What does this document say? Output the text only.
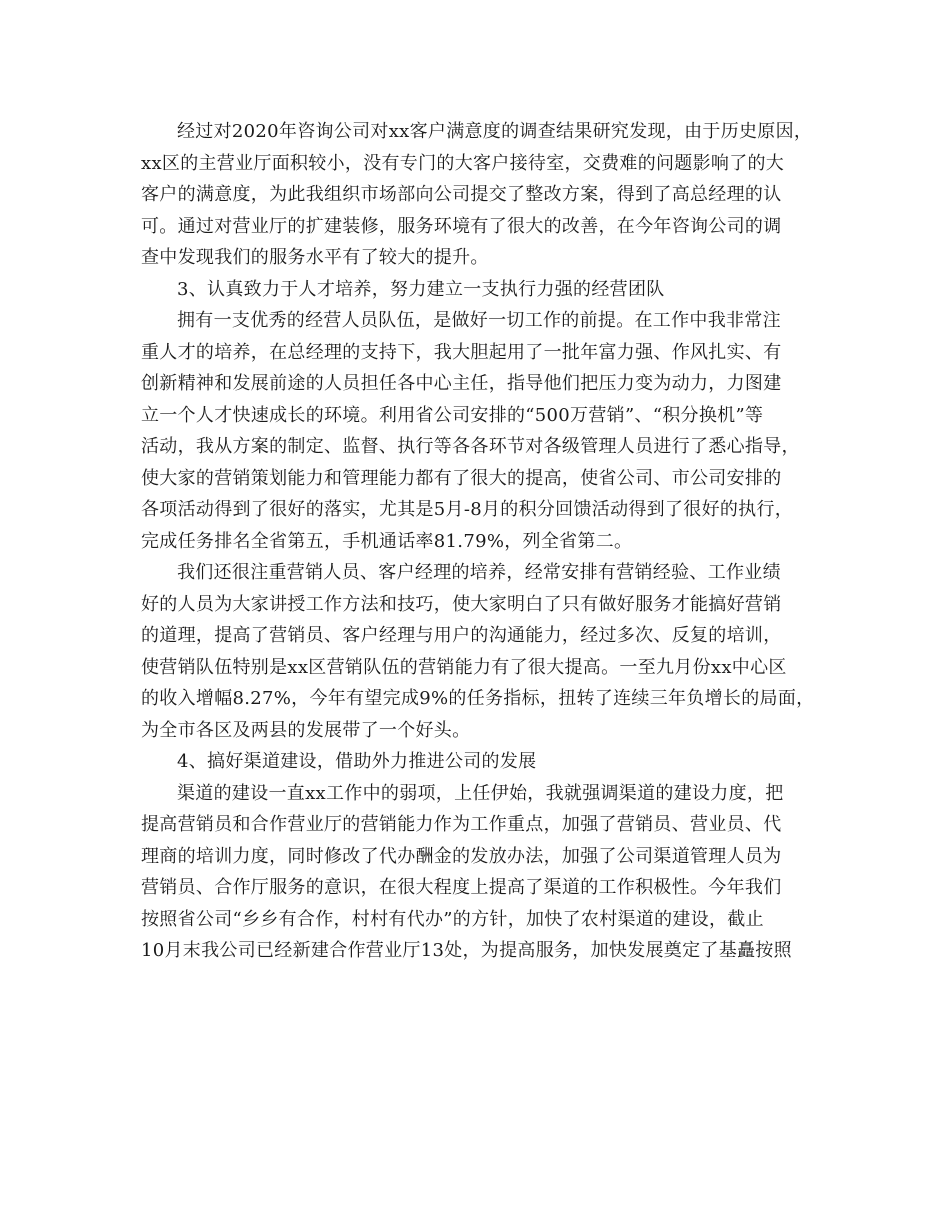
经过对2020年咨询公司对xx客户满意度的调查结果研究发现，由于历史原因，
xx区的主营业厅面积较小，没有专门的大客户接待室，交费难的问题影响了的大
客户的满意度，为此我组织市场部向公司提交了整改方案，得到了高总经理的认
可。通过对营业厅的扩建装修，服务环境有了很大的改善，在今年咨询公司的调
查中发现我们的服务水平有了较大的提升。
3、认真致力于人才培养，努力建立一支执行力强的经营团队
拥有一支优秀的经营人员队伍，是做好一切工作的前提。在工作中我非常注
重人才的培养，在总经理的支持下，我大胆起用了一批年富力强、作风扎实、有
创新精神和发展前途的人员担任各中心主任，指导他们把压力变为动力，力图建
立一个人才快速成长的环境。利用省公司安排的“500万营销”、“积分换机”等
活动，我从方案的制定、监督、执行等各各环节对各级管理人员进行了悉心指导，
使大家的营销策划能力和管理能力都有了很大的提高，使省公司、市公司安排的
各项活动得到了很好的落实，尤其是5月-8月的积分回馈活动得到了很好的执行，
完成任务排名全省第五，手机通话率81.79%，列全省第二。
我们还很注重营销人员、客户经理的培养，经常安排有营销经验、工作业绩
好的人员为大家讲授工作方法和技巧，使大家明白了只有做好服务才能搞好营销
的道理，提高了营销员、客户经理与用户的沟通能力，经过多次、反复的培训，
使营销队伍特别是xx区营销队伍的营销能力有了很大提高。一至九月份xx中心区
的收入增幅8.27%，今年有望完成9%的任务指标，扭转了连续三年负增长的局面，
为全市各区及两县的发展带了一个好头。
4、搞好渠道建设，借助外力推进公司的发展
渠道的建设一直xx工作中的弱项，上任伊始，我就强调渠道的建设力度，把
提高营销员和合作营业厅的营销能力作为工作重点，加强了营销员、营业员、代
理商的培训力度，同时修改了代办酬金的发放办法，加强了公司渠道管理人员为
营销员、合作厅服务的意识，在很大程度上提高了渠道的工作积极性。今年我们
按照省公司“乡乡有合作，村村有代办”的方针，加快了农村渠道的建设，截止
10月末我公司已经新建合作营业厅13处，为提高服务，加快发展奠定了基矗按照
